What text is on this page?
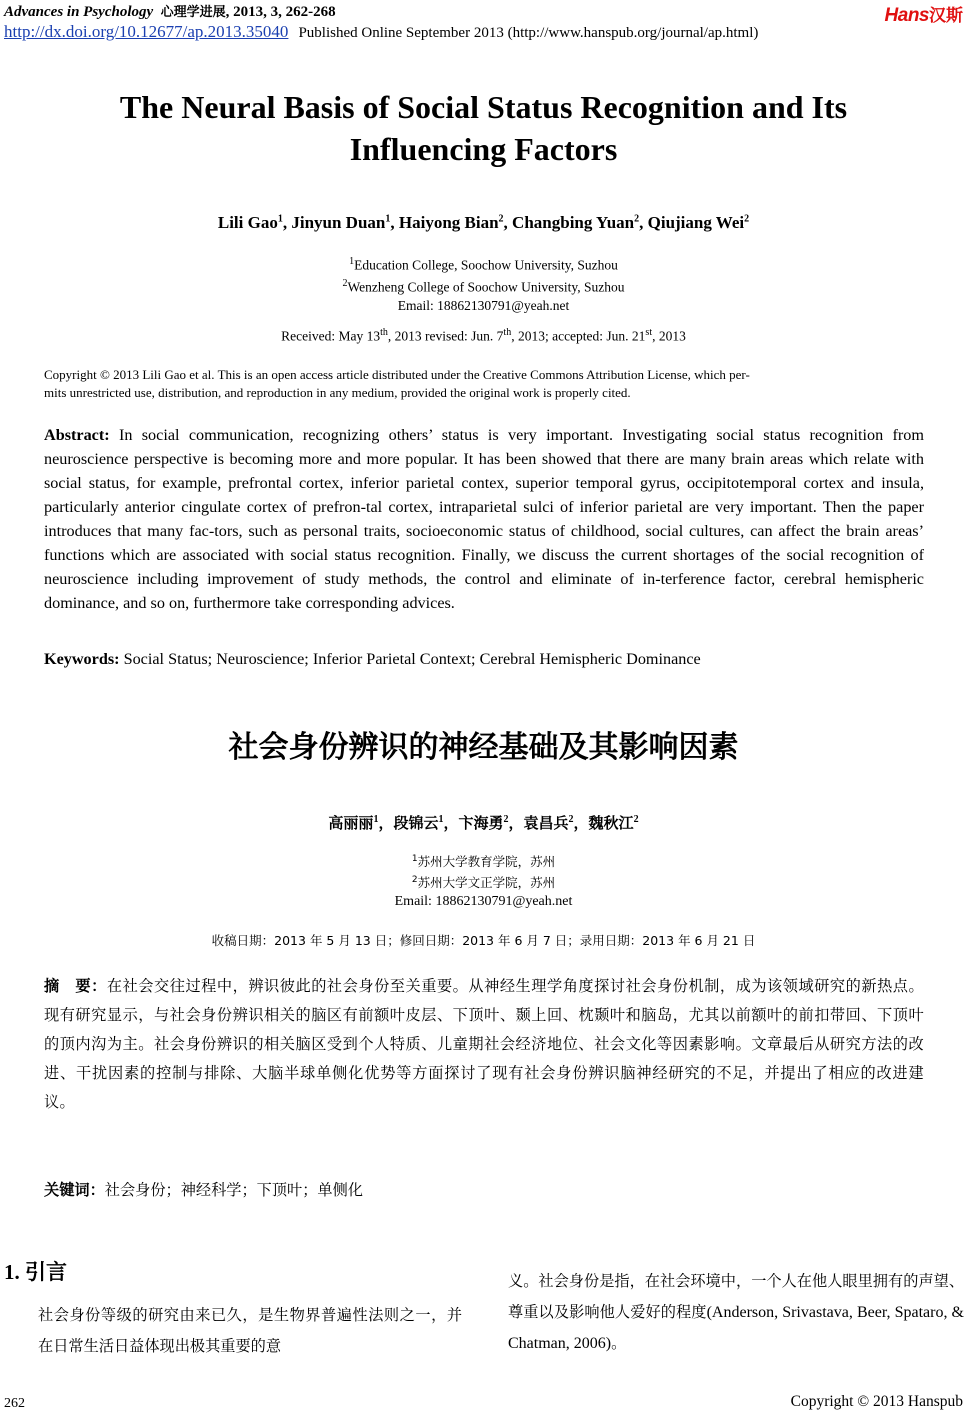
Advances in Psychology 心理学进展, 2013, 3, 262-268	Hans汉斯
http://dx.doi.org/10.12677/ap.2013.35040 Published Online September 2013 (http://www.hanspub.org/journal/ap.html)
The Neural Basis of Social Status Recognition and Its
Influencing Factors
Lili Gao$^1$, Jinyun Duan$^1$, Haiyong Bian$^2$, Changbing Yuan$^2$, Qiujiang Wei$^2$
$^1$Education College, Soochow University, Suzhou
$^2$Wenzheng College of Soochow University, Suzhou
Email: 18862130791@yeah.net
Received: May 13th, 2013 revised: Jun. 7th, 2013; accepted: Jun. 21st, 2013
Copyright © 2013 Lili Gao et al. This is an open access article distributed under the Creative Commons Attribution License, which per-
mits unrestricted use, distribution, and reproduction in any medium, provided the original work is properly cited.
Abstract: In social communication, recognizing others’ status is very important. Investigating social status recognition from neuroscience perspective is becoming more and more popular. It has been showed that there are many brain areas which relate with social status, for example, prefrontal cortex, inferior parietal contex, superior temporal gyrus, occipitotemporal cortex and insula, particularly anterior cingulate cortex of prefron-tal cortex, intraparietal sulci of inferior parietal are very important. Then the paper introduces that many fac-tors, such as personal traits, socioeconomic status of childhood, social cultures, can affect the brain areas’ functions which are associated with social status recognition. Finally, we discuss the current shortages of the social recognition of neuroscience including improvement of study methods, the control and eliminate of in-terference factor, cerebral hemispheric dominance, and so on, furthermore take corresponding advices.
Keywords: Social Status; Neuroscience; Inferior Parietal Context; Cerebral Hemispheric Dominance
社会身份辨识的神经基础及其影响因素
高丽丽$^1$，段锦云$^1$，卞海勇$^2$，袁昌兵$^2$，魏秋江$^2$
$^1$苏州大学教育学院，苏州
$^2$苏州大学文正学院，苏州
Email: 18862130791@yeah.net
收稿日期：2013 年 5 月 13 日；修回日期：2013 年 6 月 7 日；录用日期：2013 年 6 月 21 日
摘　要：在社会交往过程中，辨识彼此的社会身份至关重要。从神经生理学角度探讨社会身份机制，成为该领域研究的新热点。现有研究显示，与社会身份辨识相关的脑区有前额叶皮层、下顶叶、颞上回、枕颞叶和脑岛，尤其以前额叶的前扣带回、下顶叶的顶内沟为主。社会身份辨识的相关脑区受到个人特质、儿童期社会经济地位、社会文化等因素影响。文章最后从研究方法的改进、干扰因素的控制与排除、大脑半球单侧化优势等方面探讨了现有社会身份辨识脑神经研究的不足，并提出了相应的改进建议。
关键词：社会身份；神经科学；下顶叶；单侧化
1. 引言
社会身份等级的研究由来已久，是生物界普遍性法则之一，并在日常生活日益体现出极其重要的意
义。社会身份是指，在社会环境中，一个人在他人眼里拥有的声望、尊重以及影响他人爱好的程度(Anderson, Srivastava, Beer, Spataro, & Chatman, 2006)。
262	Copyright © 2013 Hanspub
